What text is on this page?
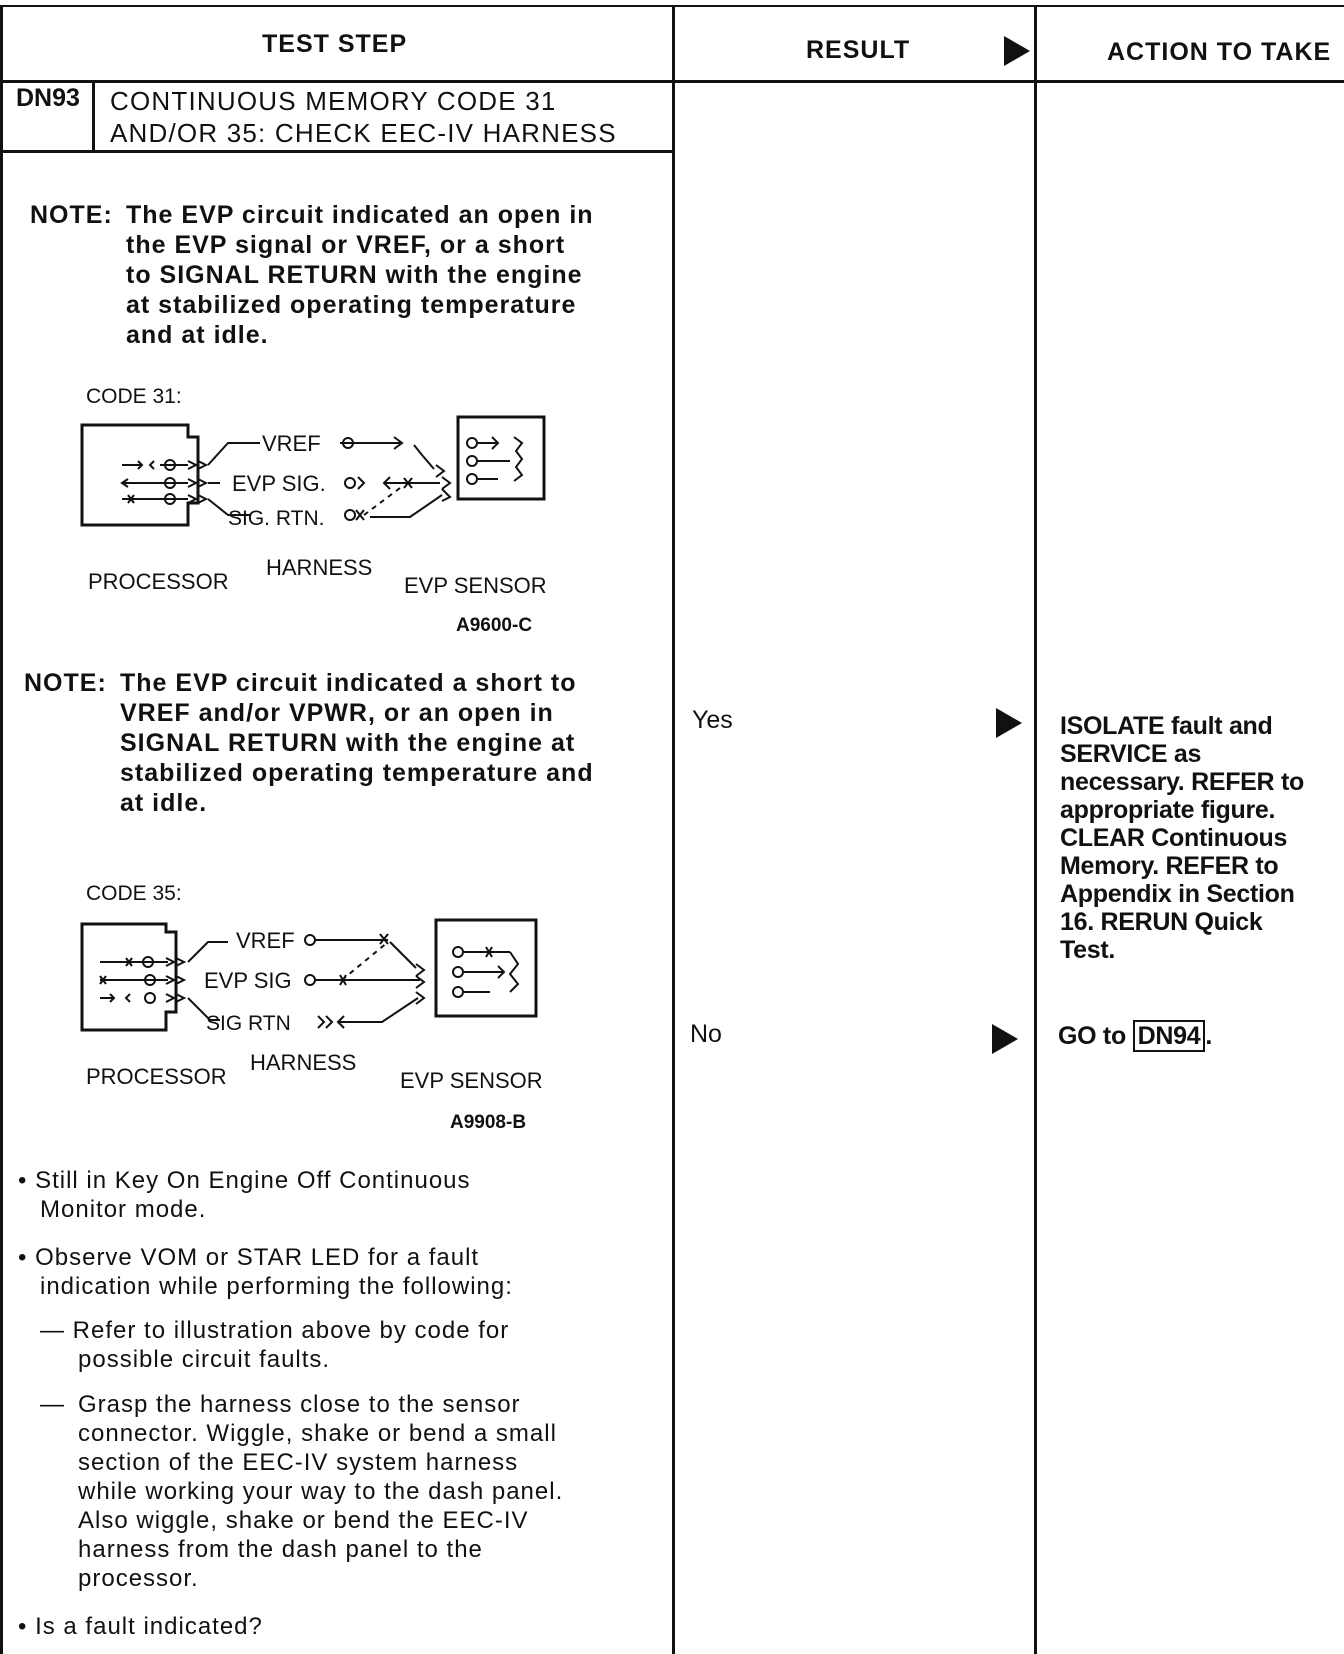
TEST STEP	RESULT	ACTION TO TAKE
DN93 CONTINUOUS MEMORY CODE 31
AND/OR 35: CHECK EEC-IV HARNESS
NOTE: The EVP circuit indicated an open in

the EVP signal or VREF, or a short

to SIGNAL RETURN with the engine

at stabilized operating temperature

and at idle.

CODE 31:
VREF
EVP SIG.
SIG. RTN.
PROCESSOR
HARNESS
EVP SENSOR
A9600-C
NOTE: The EVP circuit indicated a short to

VREF and/or VPWR, or an open in

SIGNAL RETURN with the engine at

stabilized operating temperature and

at idle.

CODE 35:
VREF
EVP SIG
SIG RTN
PROCESSOR
HARNESS
EVP SENSOR
A9908-B
• Still in Key On Engine Off Continuous
Monitor mode.
• Observe VOM or STAR LED for a fault
indication while performing the following:
— Refer to illustration above by code for
possible circuit faults.
— Grasp the harness close to the sensor
connector. Wiggle, shake or bend a small
section of the EEC-IV system harness
while working your way to the dash panel.
Also wiggle, shake or bend the EEC-IV
harness from the dash panel to the
processor.
• Is a fault indicated?
Yes
No
ISOLATE fault and
SERVICE as
necessary. REFER to
appropriate figure.
CLEAR Continuous
Memory. REFER to
Appendix in Section
16. RERUN Quick
Test.
GO to DN94 .
